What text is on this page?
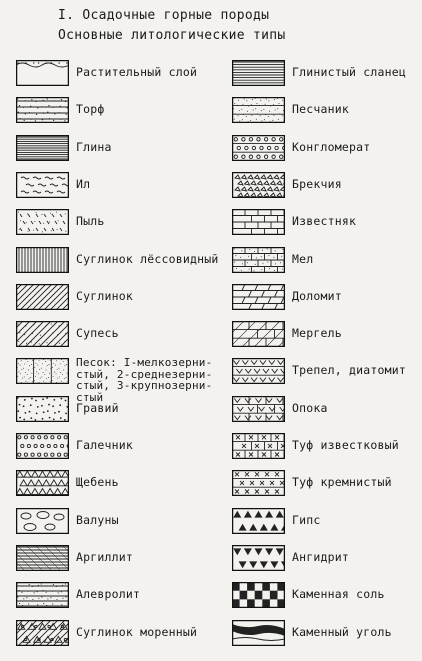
I. Осадочные горные породы
Основные литологические типы
Растительный слой
Торф
Глина
Ил
Пыль
Суглинок лёссовидный
Суглинок
Супесь
Песок: I-мелкозерни-
стый, 2-среднезерни-
стый, 3-крупнозерни-
стый
Гравий
Галечник
Щебень
Валуны
Аргиллит
Алевролит
Суглинок моренный
Глинистый сланец
Песчаник
Конгломерат
Брекчия
Известняк
Мел
Доломит
Мергель
Трепел, диатомит
Опока
Туф известковый
Туф кремнистый
Гипс
Ангидрит
Каменная соль
Каменный уголь
